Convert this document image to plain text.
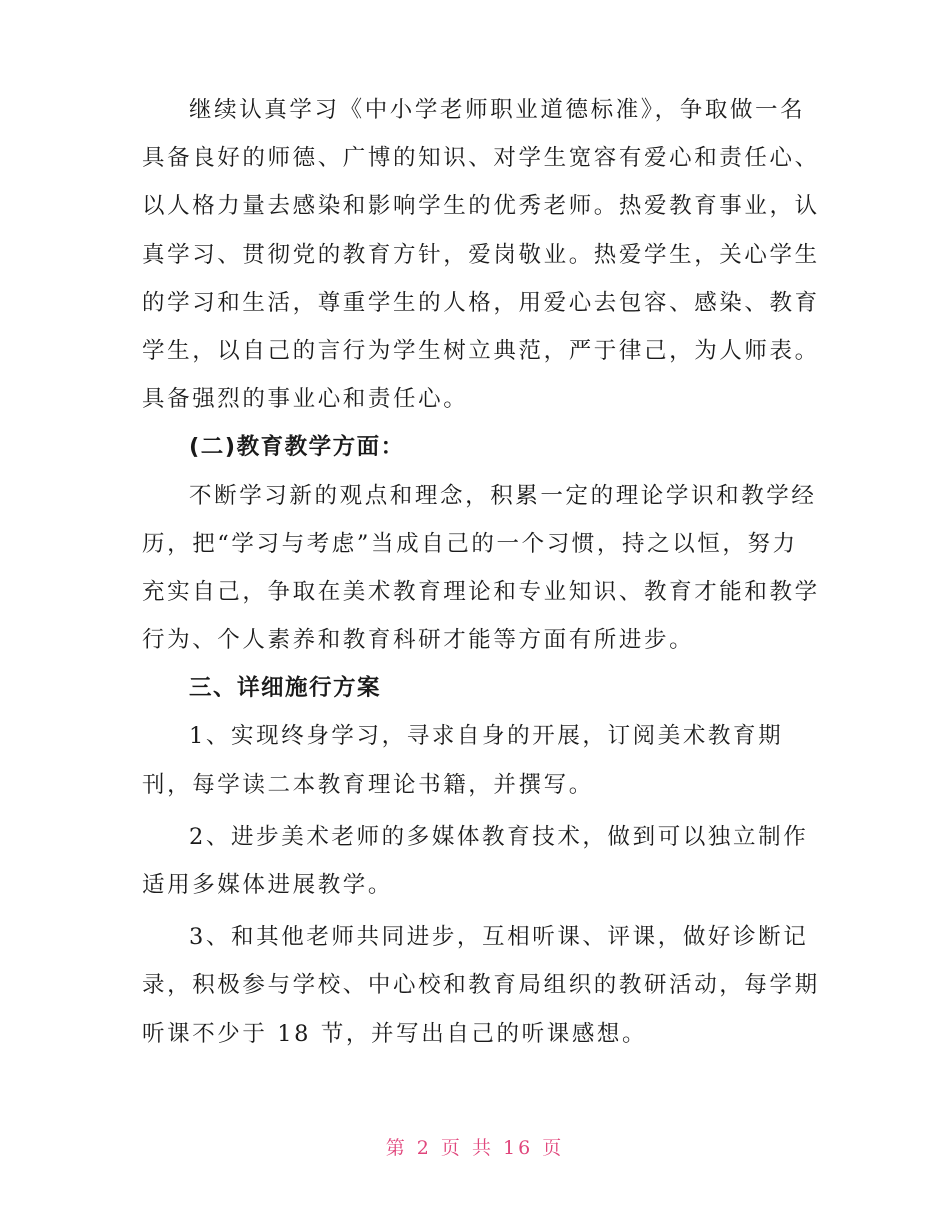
继续认真学习《中小学老师职业道德标准》，争取做一名
具备良好的师德、广博的知识、对学生宽容有爱心和责任心、
以人格力量去感染和影响学生的优秀老师。热爱教育事业，认
真学习、贯彻党的教育方针，爱岗敬业。热爱学生，关心学生
的学习和生活，尊重学生的人格，用爱心去包容、感染、教育
学生，以自己的言行为学生树立典范，严于律己，为人师表。
具备强烈的事业心和责任心。
(二)教育教学方面：
不断学习新的观点和理念，积累一定的理论学识和教学经
历，把“学习与考虑”当成自己的一个习惯，持之以恒，努力
充实自己，争取在美术教育理论和专业知识、教育才能和教学
行为、个人素养和教育科研才能等方面有所进步。
三、详细施行方案
1、实现终身学习，寻求自身的开展，订阅美术教育期
刊，每学读二本教育理论书籍，并撰写。
2、进步美术老师的多媒体教育技术，做到可以独立制作
适用多媒体进展教学。
3、和其他老师共同进步，互相听课、评课，做好诊断记
录，积极参与学校、中心校和教育局组织的教研活动，每学期
听课不少于 18 节，并写出自己的听课感想。
第 2 页 共 16 页
